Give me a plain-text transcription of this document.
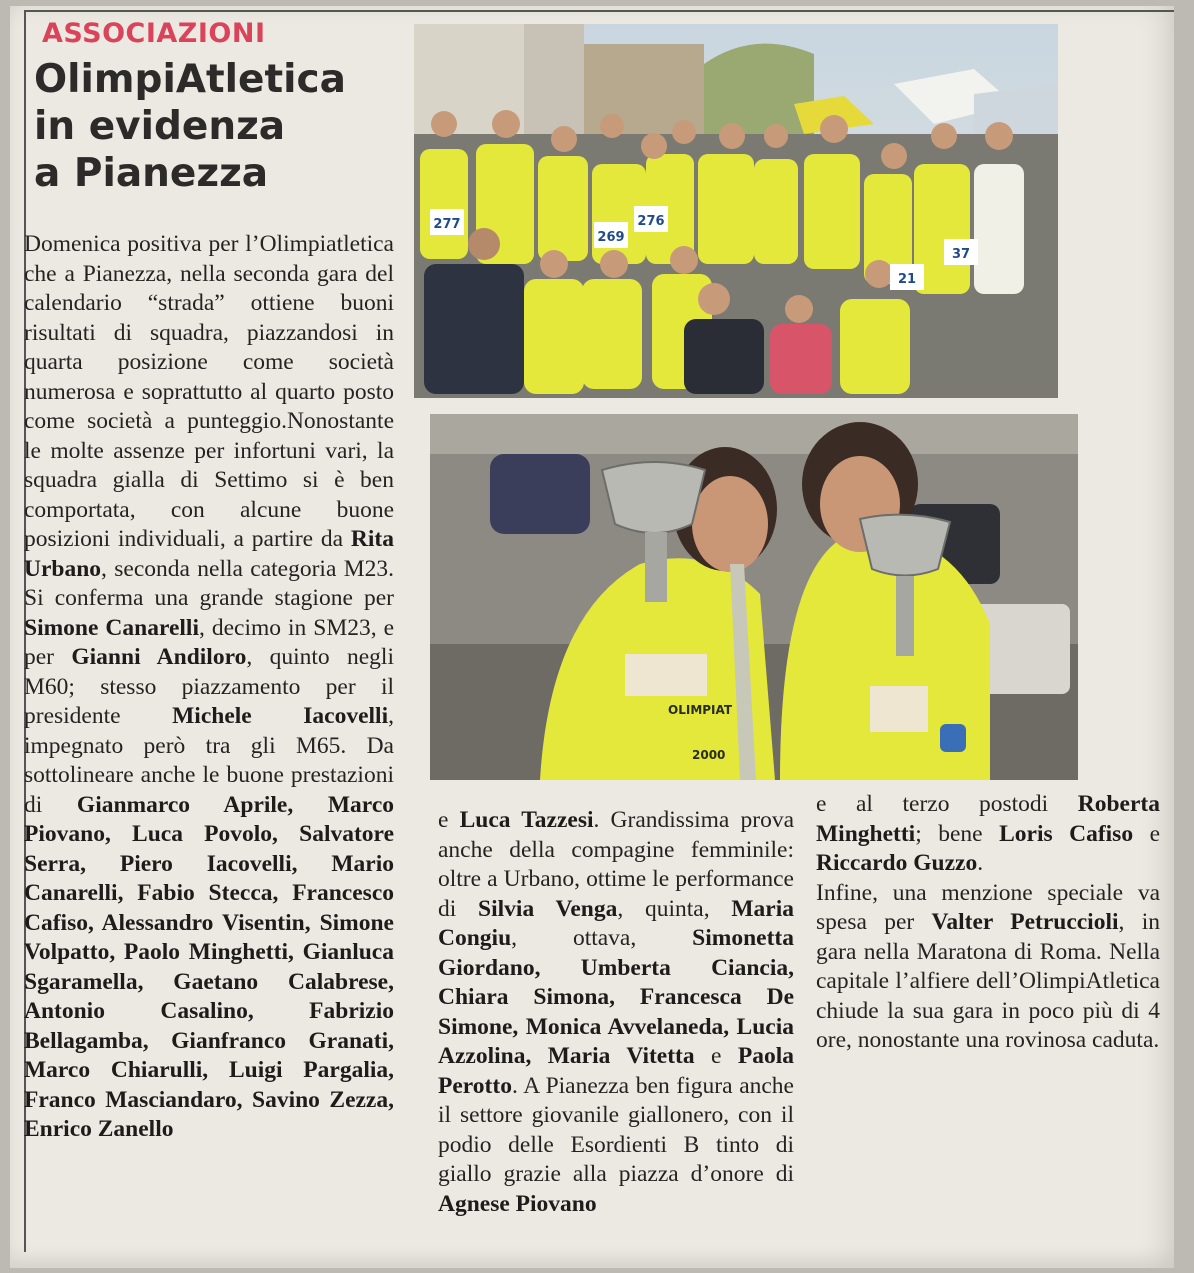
ASSOCIAZIONI
OlimpiAtletica
in evidenza
a Pianezza

Domenica positiva per l’Olimpiatletica che a Pianezza, nella seconda gara del calendario “strada” ottiene buoni risultati di squadra, piazzandosi in quarta posizione come società numerosa e soprattutto al quarto posto come società a punteggio.Nonostante le molte assenze per infortuni vari, la squadra gialla di Settimo si è ben comportata, con alcune buone posizioni individuali, a partire da Rita Urbano, seconda nella categoria M23. Si conferma una grande stagione per Simone Canarelli, decimo in SM23, e per Gianni Andiloro, quinto negli M60; stesso piazzamento per il presidente Michele Iacovelli, impegnato però tra gli M65. Da sottolineare anche le buone prestazioni di Gianmarco Aprile, Marco Piovano, Luca Povolo, Salvatore Serra, Piero Iacovelli, Mario Canarelli, Fabio Stecca, Francesco Cafiso, Alessandro Visentin, Simone Volpatto, Paolo Minghetti, Gianluca Sgaramella, Gaetano Calabrese, Antonio Casalino, Fabrizio Bellagamba, Gianfranco Granati, Marco Chiarulli, Luigi Pargalia, Franco Masciandaro, Savino Zezza, Enrico Zanello

277
269
276
37
21
OLIMPIAT
2000

e Luca Tazzesi. Grandissima prova anche della compagine femminile: oltre a Urbano, ottime le performance di Silvia Venga, quinta, Maria Congiu, ottava, Simonetta Giordano, Umberta Ciancia, Chiara Simona, Francesca De Simone, Monica Avvelaneda, Lucia Azzolina, Maria Vitetta e Paola Perotto. A Pianezza ben figura anche il settore giovanile giallonero, con il podio delle Esordienti B tinto di giallo grazie alla piazza d’onore di Agnese Piovano

e al terzo postodi Roberta Minghetti; bene Loris Cafiso e Riccardo Guzzo.

Infine, una menzione speciale va spesa per Valter Petruccioli, in gara nella Maratona di Roma. Nella capitale l’alfiere dell’OlimpiAtletica chiude la sua gara in poco più di 4 ore, nonostante una rovinosa caduta.
